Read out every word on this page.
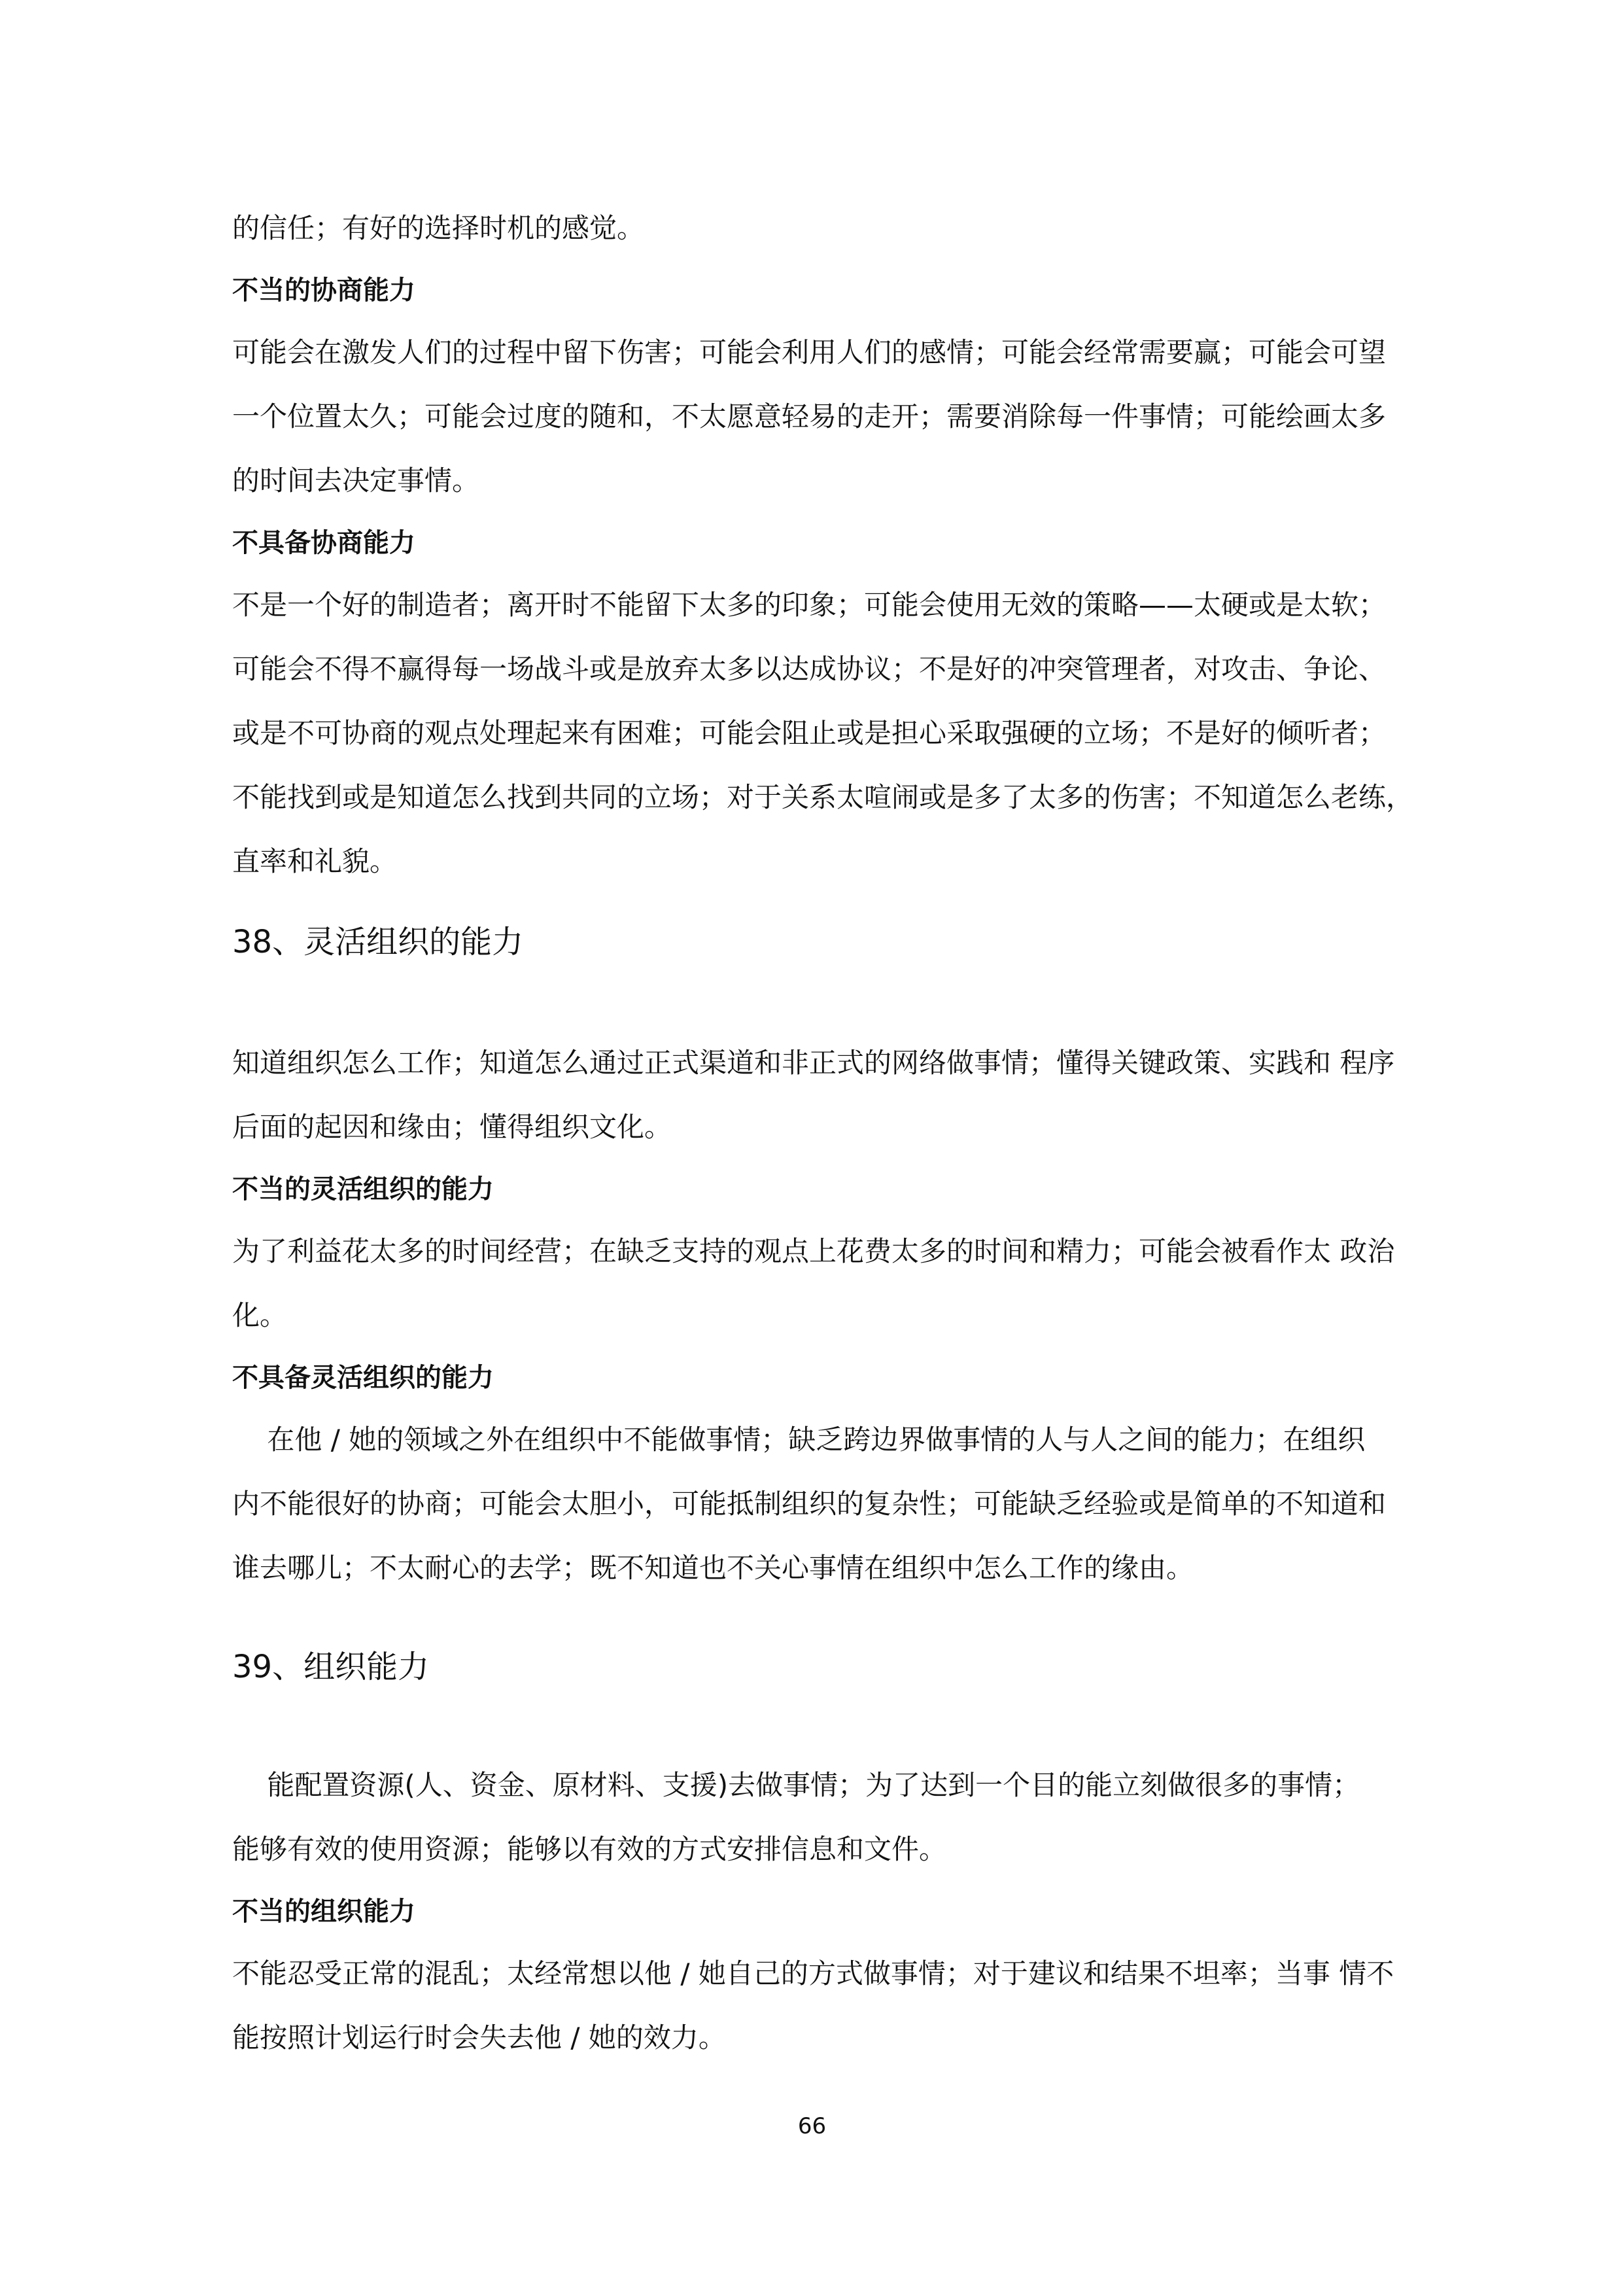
的信任；有好的选择时机的感觉。
不当的协商能力
可能会在激发人们的过程中留下伤害；可能会利用人们的感情；可能会经常需要赢；可能会可望
一个位置太久；可能会过度的随和，不太愿意轻易的走开；需要消除每一件事情；可能绘画太多
的时间去决定事情。
不具备协商能力
不是一个好的制造者；离开时不能留下太多的印象；可能会使用无效的策略——太硬或是太软；
可能会不得不赢得每一场战斗或是放弃太多以达成协议；不是好的冲突管理者，对攻击、争论、
或是不可协商的观点处理起来有困难；可能会阻止或是担心采取强硬的立场；不是好的倾听者；
不能找到或是知道怎么找到共同的立场；对于关系太喧闹或是多了太多的伤害；不知道怎么老练，
直率和礼貌。
38、灵活组织的能力
知道组织怎么工作；知道怎么通过正式渠道和非正式的网络做事情；懂得关键政策、实践和 程序
后面的起因和缘由；懂得组织文化。
不当的灵活组织的能力
为了利益花太多的时间经营；在缺乏支持的观点上花费太多的时间和精力；可能会被看作太 政治
化。
不具备灵活组织的能力
在他 / 她的领域之外在组织中不能做事情；缺乏跨边界做事情的人与人之间的能力；在组织
内不能很好的协商；可能会太胆小，可能抵制组织的复杂性；可能缺乏经验或是简单的不知道和
谁去哪儿；不太耐心的去学；既不知道也不关心事情在组织中怎么工作的缘由。
39、组织能力
能配置资源(人、资金、原材料、支援)去做事情；为了达到一个目的能立刻做很多的事情；
能够有效的使用资源；能够以有效的方式安排信息和文件。
不当的组织能力
不能忍受正常的混乱；太经常想以他 / 她自己的方式做事情；对于建议和结果不坦率；当事 情不
能按照计划运行时会失去他 / 她的效力。
66
